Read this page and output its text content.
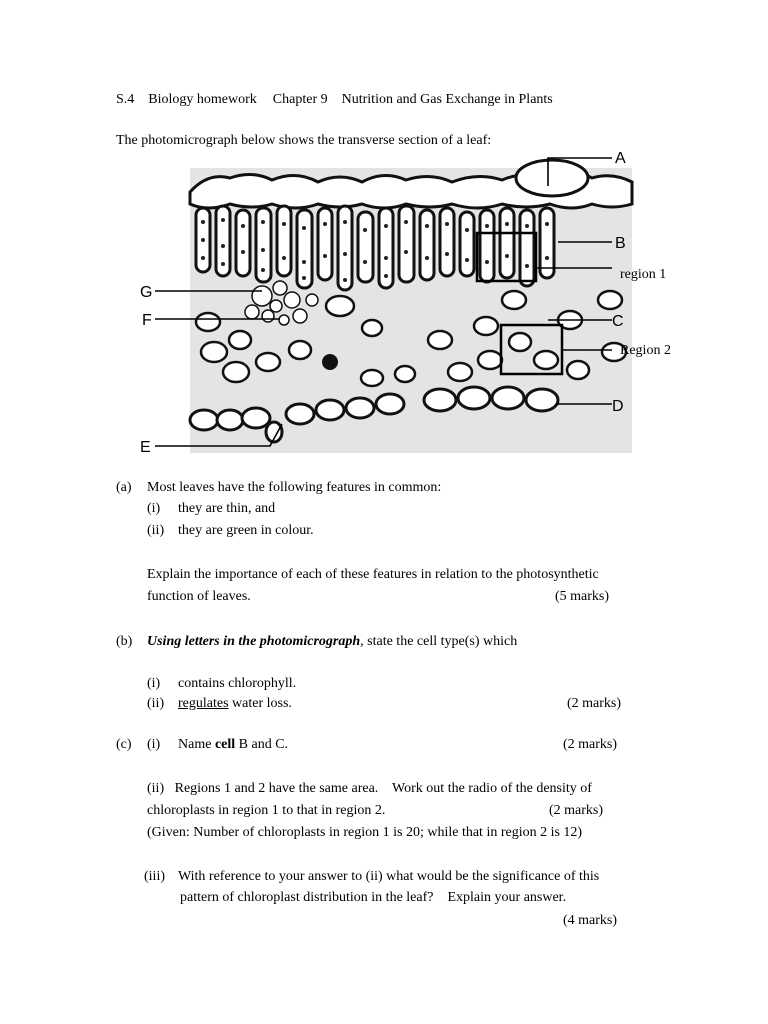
S.4 Biology homework Chapter 9 Nutrition and Gas Exchange in Plants
The photomicrograph below shows the transverse section of a leaf:
A
B
C
D
E
F
G
region 1
Region 2
(a) Most leaves have the following features in common:
(i) they are thin, and
(ii) they are green in colour.
Explain the importance of each of these features in relation to the photosynthetic
function of leaves.	(5 marks)
(b) Using letters in the photomicrograph, state the cell type(s) which
(i) contains chlorophyll.
(ii) regulates water loss.	(2 marks)
(c) (i) Name cell B and C.	(2 marks)
(ii)   Regions 1 and 2 have the same area.    Work out the radio of the density of
chloroplasts in region 1 to that in region 2.	(2 marks)
(Given: Number of chloroplasts in region 1 is 20; while that in region 2 is 12)
(iii) With reference to your answer to (ii) what would be the significance of this
pattern of chloroplast distribution in the leaf?    Explain your answer.
(4 marks)
